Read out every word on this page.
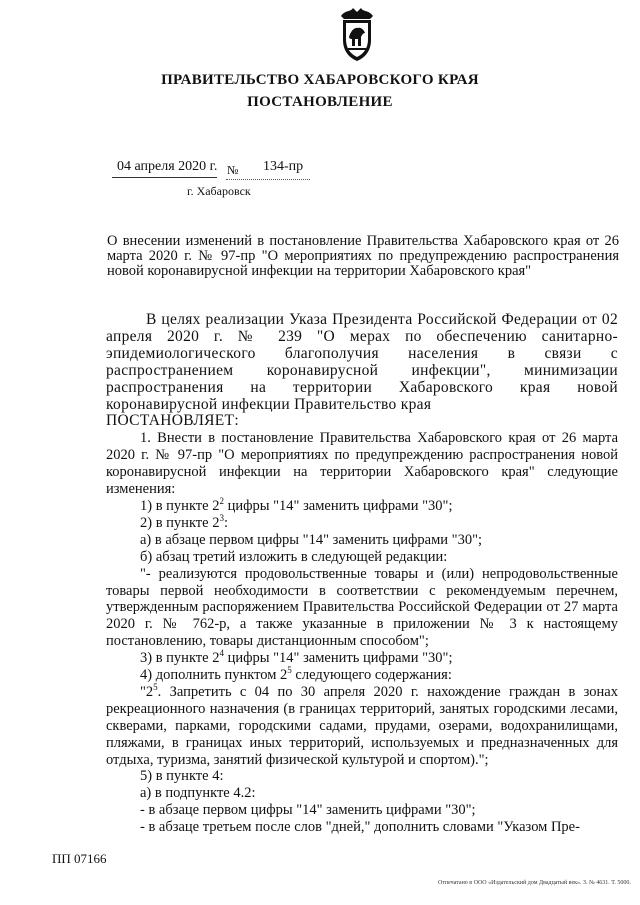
ПРАВИТЕЛЬСТВО ХАБАРОВСКОГО КРАЯ
ПОСТАНОВЛЕНИЕ
04 апреля 2020 г. № 134-пр
г. Хабаровск
О внесении изменений в постановление Правительства Хабаровского края от 26 марта 2020 г. № 97-пр "О мероприятиях по предупреждению распространения новой коронавирусной инфекции на территории Хабаровского края"

В целях реализации Указа Президента Российской Федерации от 02 апреля 2020 г. № 239 "О мерах по обеспечению санитарно-эпидемиологического благополучия населения в связи с распространением коронавирусной инфекции", минимизации распространения на территории Хабаровского края новой коронавирусной инфекции Правительство края

ПОСТАНОВЛЯЕТ:

1. Внести в постановление Правительства Хабаровского края от 26 марта 2020 г. № 97-пр "О мероприятиях по предупреждению распространения новой коронавирусной инфекции на территории Хабаровского края" следующие изменения:

1) в пункте $2^2$ цифры "14" заменить цифрами "30";

2) в пункте $2^3$:

а) в абзаце первом цифры "14" заменить цифрами "30";

б) абзац третий изложить в следующей редакции:

"- реализуются продовольственные товары и (или) непродовольственные товары первой необходимости в соответствии с рекомендуемым перечнем, утвержденным распоряжением Правительства Российской Федерации от 27 марта 2020 г. № 762-р, а также указанные в приложении № 3 к настоящему постановлению, товары дистанционным способом";

3) в пункте $2^4$ цифры "14" заменить цифрами "30";

4) дополнить пунктом $2^5$ следующего содержания:

"$2^5$. Запретить с 04 по 30 апреля 2020 г. нахождение граждан в зонах рекреационного назначения (в границах территорий, занятых городскими лесами, скверами, парками, городскими садами, прудами, озерами, водохранилищами, пляжами, в границах иных территорий, используемых и предназначенных для отдыха, туризма, занятий физической культурой и спортом).";

5) в пункте 4:

а) в подпункте 4.2:

- в абзаце первом цифры "14" заменить цифрами "30";

- в абзаце третьем после слов "дней," дополнить словами "Указом Пре-

ПП 07166
Отпечатано в ООО «Издательский дом Двадцатый век». З. № 4631. Т. 5000.
